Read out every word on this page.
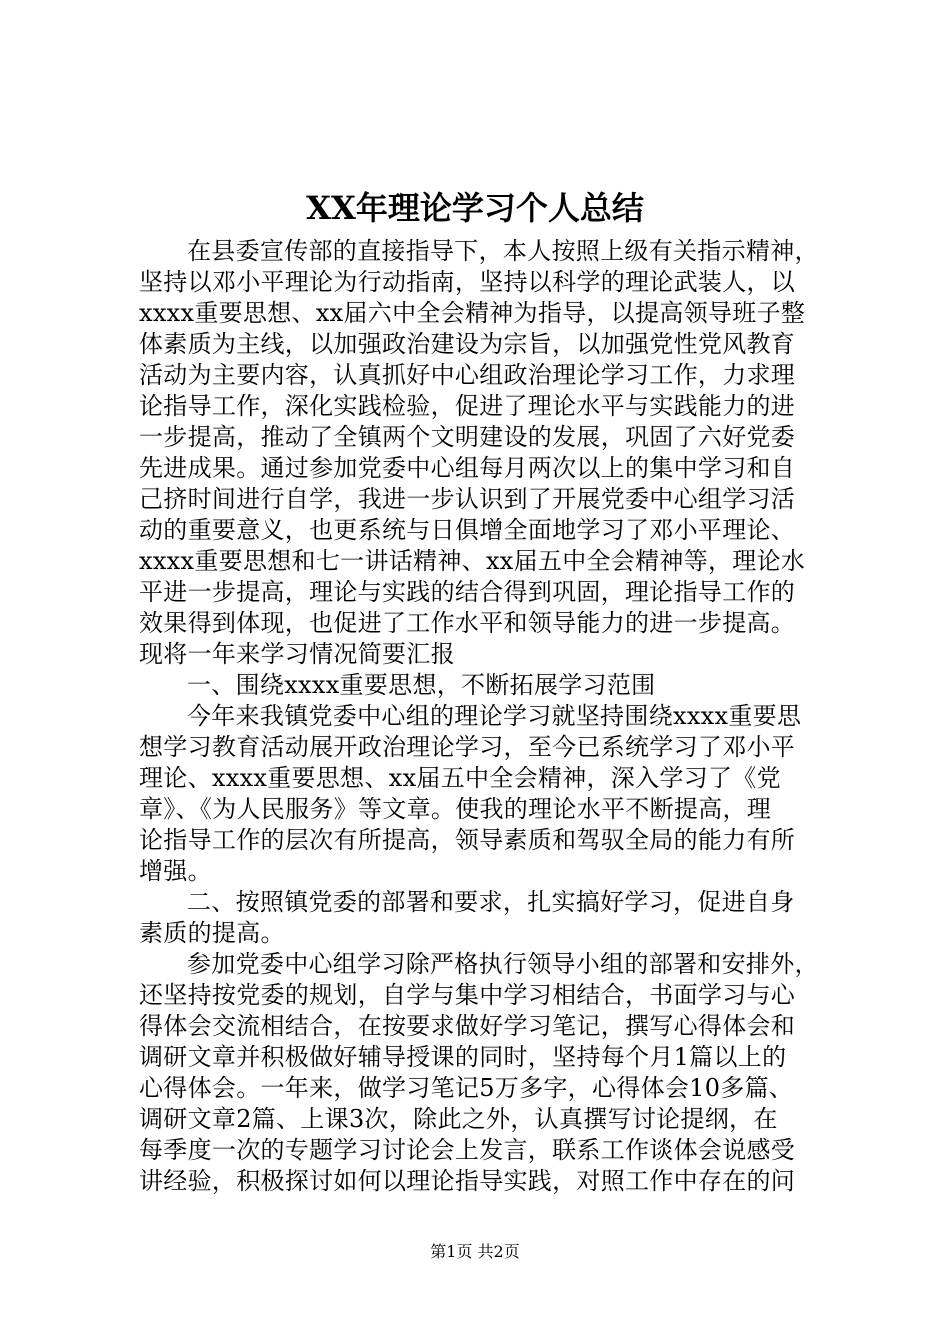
XX年理论学习个人总结
在县委宣传部的直接指导下，本人按照上级有关指示精神，
坚持以邓小平理论为行动指南，坚持以科学的理论武装人，以
xxxx重要思想、xx届六中全会精神为指导，以提高领导班子整
体素质为主线，以加强政治建设为宗旨，以加强党性党风教育
活动为主要内容，认真抓好中心组政治理论学习工作，力求理
论指导工作，深化实践检验，促进了理论水平与实践能力的进
一步提高，推动了全镇两个文明建设的发展，巩固了六好党委
先进成果。通过参加党委中心组每月两次以上的集中学习和自
己挤时间进行自学，我进一步认识到了开展党委中心组学习活
动的重要意义，也更系统与日俱增全面地学习了邓小平理论、
xxxx重要思想和七一讲话精神、xx届五中全会精神等，理论水
平进一步提高，理论与实践的结合得到巩固，理论指导工作的
效果得到体现，也促进了工作水平和领导能力的进一步提高。
现将一年来学习情况简要汇报
一、围绕xxxx重要思想，不断拓展学习范围
今年来我镇党委中心组的理论学习就坚持围绕xxxx重要思
想学习教育活动展开政治理论学习，至今已系统学习了邓小平
理论、xxxx重要思想、xx届五中全会精神，深入学习了《党
章》、《为人民服务》等文章。使我的理论水平不断提高，理
论指导工作的层次有所提高，领导素质和驾驭全局的能力有所
增强。
二、按照镇党委的部署和要求，扎实搞好学习，促进自身
素质的提高。
参加党委中心组学习除严格执行领导小组的部署和安排外，
还坚持按党委的规划，自学与集中学习相结合，书面学习与心
得体会交流相结合，在按要求做好学习笔记，撰写心得体会和
调研文章并积极做好辅导授课的同时，坚持每个月1篇以上的
心得体会。一年来，做学习笔记5万多字，心得体会10多篇、
调研文章2篇、上课3次，除此之外，认真撰写讨论提纲，在
每季度一次的专题学习讨论会上发言，联系工作谈体会说感受
讲经验，积极探讨如何以理论指导实践，对照工作中存在的问
第1页 共2页
